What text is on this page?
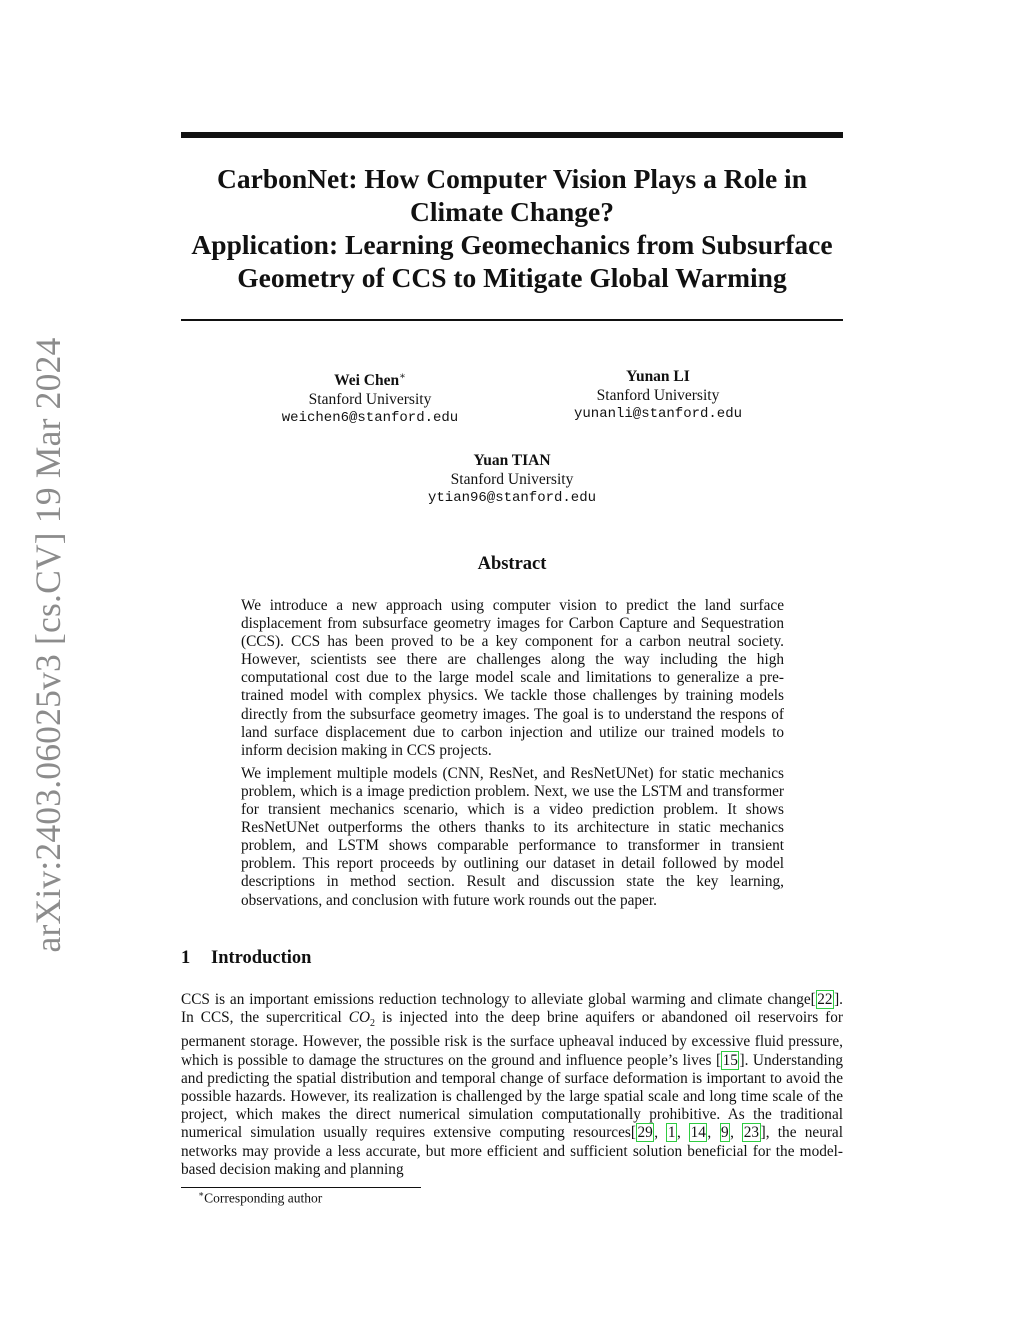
arXiv:2403.06025v3 [cs.CV] 19 Mar 2024
CarbonNet: How Computer Vision Plays a Role in
Climate Change?
Application: Learning Geomechanics from Subsurface
Geometry of CCS to Mitigate Global Warming
Wei Chen∗
Stanford University
weichen6@stanford.edu
Yunan LI
Stanford University
yunanli@stanford.edu
Yuan TIAN
Stanford University
ytian96@stanford.edu
Abstract

We introduce a new approach using computer vision to predict the land surface displacement from subsurface geometry images for Carbon Capture and Sequestration (CCS). CCS has been proved to be a key component for a carbon neutral society. However, scientists see there are challenges along the way including the high computational cost due to the large model scale and limitations to generalize a pre-trained model with complex physics. We tackle those challenges by training models directly from the subsurface geometry images. The goal is to understand the respons of land surface displacement due to carbon injection and utilize our trained models to inform decision making in CCS projects.

We implement multiple models (CNN, ResNet, and ResNetUNet) for static mechanics problem, which is a image prediction problem. Next, we use the LSTM and transformer for transient mechanics scenario, which is a video prediction problem. It shows ResNetUNet outperforms the others thanks to its architecture in static mechanics problem, and LSTM shows comparable performance to transformer in transient problem. This report proceeds by outlining our dataset in detail followed by model descriptions in method section. Result and discussion state the key learning, observations, and conclusion with future work rounds out the paper.

1 Introduction

CCS is an important emissions reduction technology to alleviate global warming and climate change[22]. In CCS, the supercritical $CO_2$ is injected into the deep brine aquifers or abandoned oil reservoirs for permanent storage. However, the possible risk is the surface upheaval induced by excessive fluid pressure, which is possible to damage the structures on the ground and influence people’s lives [15]. Understanding and predicting the spatial distribution and temporal change of surface deformation is important to avoid the possible hazards. However, its realization is challenged by the large spatial scale and long time scale of the project, which makes the direct numerical simulation computationally prohibitive. As the traditional numerical simulation usually requires extensive computing resources[29, 1, 14, 9, 23], the neural networks may provide a less accurate, but more efficient and sufficient solution beneficial for the model-based decision making and planning

∗Corresponding author
